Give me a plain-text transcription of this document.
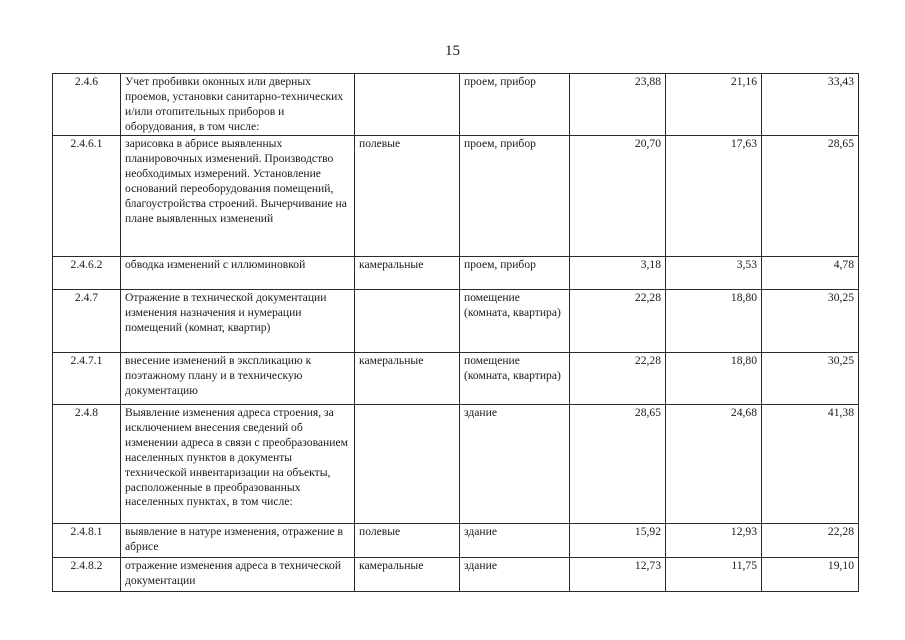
15
2.4.6	Учет пробивки оконных или дверных проемов, установки санитарно-технических и/или отопительных приборов и оборудования, в том числе:		проем, прибор	23,88	21,16	33,43
2.4.6.1	зарисовка в абрисе выявленных планировочных изменений. Производство необходимых измерений. Установление оснований переоборудования помещений, благоустройства строений. Вычерчивание на плане выявленных изменений	полевые	проем, прибор	20,70	17,63	28,65
2.4.6.2	обводка изменений с иллюминовкой	камеральные	проем, прибор	3,18	3,53	4,78
2.4.7	Отражение в технической документации изменения назначения и нумерации помещений (комнат, квартир)		помещение (комната, квартира)	22,28	18,80	30,25
2.4.7.1	внесение изменений в экспликацию к поэтажному плану и в техническую документацию	камеральные	помещение (комната, квартира)	22,28	18,80	30,25
2.4.8	Выявление изменения адреса строения, за исключением внесения сведений об изменении адреса в связи с преобразованием населенных пунктов в документы технической инвентаризации на объекты, расположенные в преобразованных населенных пунктах, в том числе:		здание	28,65	24,68	41,38
2.4.8.1	выявление в натуре изменения, отражение в абрисе	полевые	здание	15,92	12,93	22,28
2.4.8.2	отражение изменения адреса в технической документации	камеральные	здание	12,73	11,75	19,10
